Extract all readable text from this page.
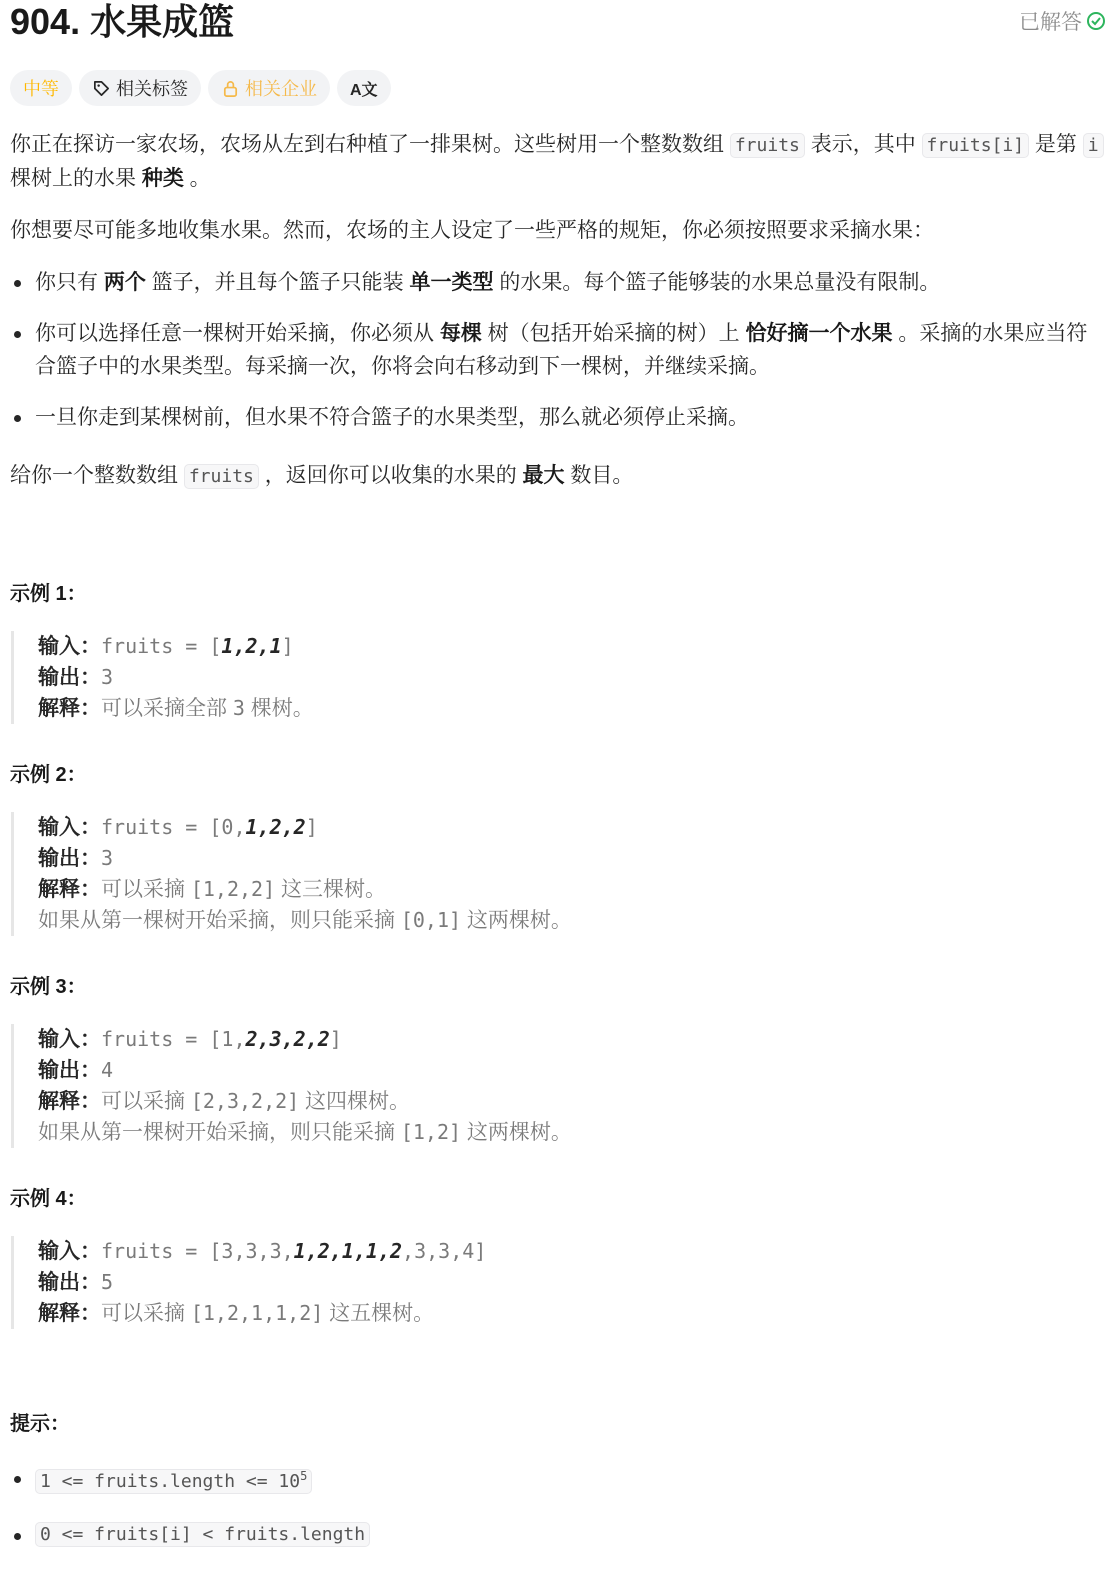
904. 水果成篮	已解答
中等	相关标签	相关企业 A文

你正在探访一家农场，农场从左到右种植了一排果树。这些树用一个整数数组 fruits 表示，其中 fruits[i] 是第 i 棵树上的水果 种类 。

你想要尽可能多地收集水果。然而，农场的主人设定了一些严格的规矩，你必须按照要求采摘水果：

你只有 两个 篮子，并且每个篮子只能装 单一类型 的水果。每个篮子能够装的水果总量没有限制。
你可以选择任意一棵树开始采摘，你必须从 每棵 树（包括开始采摘的树）上 恰好摘一个水果 。采摘的水果应当符合篮子中的水果类型。每采摘一次，你将会向右移动到下一棵树，并继续采摘。
一旦你走到某棵树前，但水果不符合篮子的水果类型，那么就必须停止采摘。

给你一个整数数组 fruits ，返回你可以收集的水果的 最大 数目。

示例 1：

输入：fruits = [1,2,1]
输出：3
解释：可以采摘全部 3 棵树。

示例 2：

输入：fruits = [0,1,2,2]
输出：3
解释：可以采摘 [1,2,2] 这三棵树。
如果从第一棵树开始采摘，则只能采摘 [0,1] 这两棵树。

示例 3：

输入：fruits = [1,2,3,2,2]
输出：4
解释：可以采摘 [2,3,2,2] 这四棵树。
如果从第一棵树开始采摘，则只能采摘 [1,2] 这两棵树。

示例 4：

输入：fruits = [3,3,3,1,2,1,1,2,3,3,4]
输出：5
解释：可以采摘 [1,2,1,1,2] 这五棵树。

提示：

1 <= fruits.length <= $10^5$
0 <= fruits[i] < fruits.length
